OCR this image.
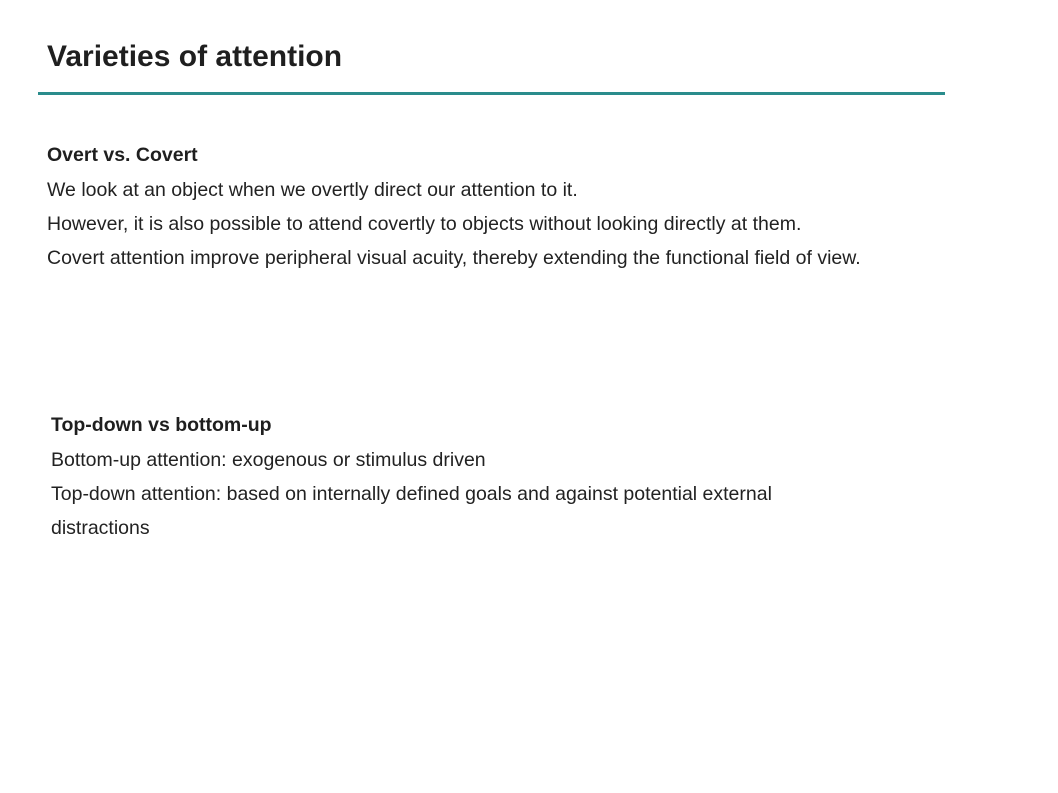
Varieties of attention
Overt vs. Covert

We look at an object when we overtly direct our attention to it.

However, it is also possible to attend covertly to objects without looking directly at them.

Covert attention improve peripheral visual acuity, thereby extending the functional field of view.

Top-down vs bottom-up

Bottom-up attention: exogenous or stimulus driven

Top-down attention: based on internally defined goals and against potential external distractions
